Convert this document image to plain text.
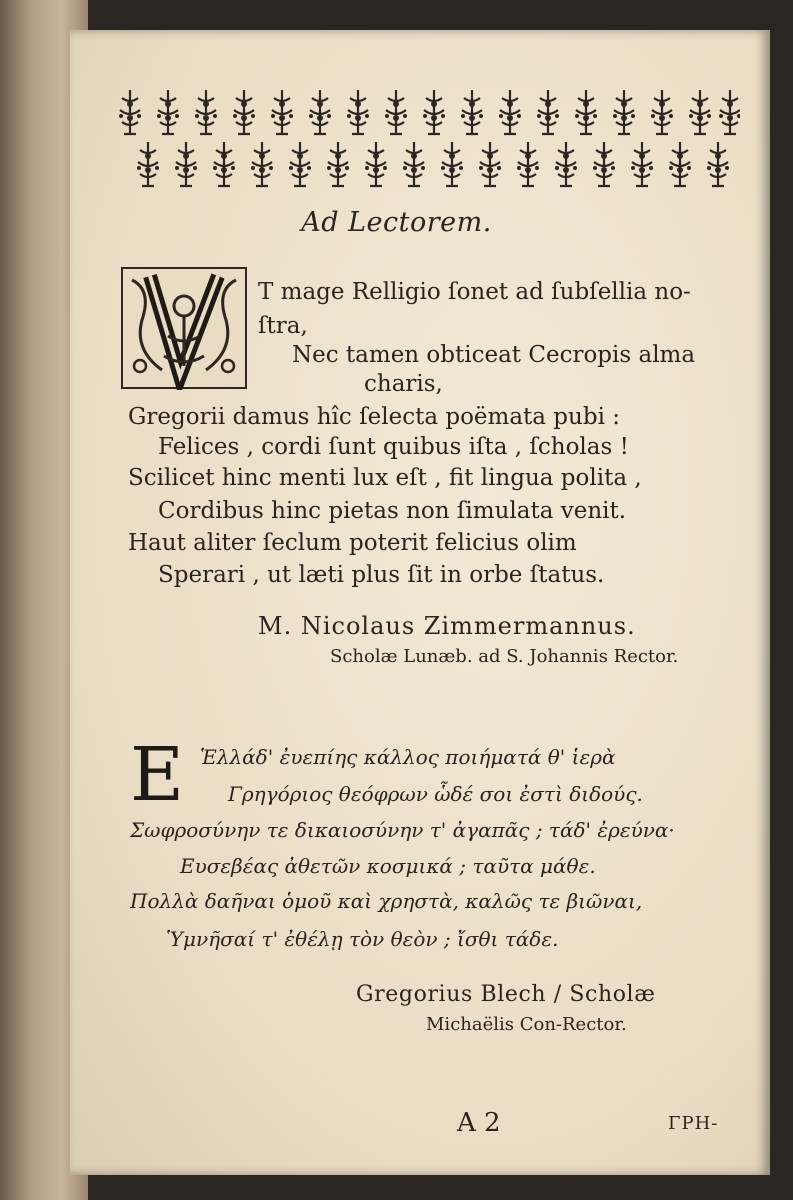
Ad Lectorem.
T mage Relligio ſonet ad ſubſellia no-
ſtra,
Nec tamen obticeat Cecropis alma
charis,
Gregorii damus hîc ſelecta poëmata pubi :
Felices , cordi ſunt quibus iſta , ſcholas !
Scilicet hinc menti lux eſt , fit lingua polita ,
Cordibus hinc pietas non ſimulata venit.
Haut aliter ſeclum poterit felicius olim
Sperari , ut læti plus ſit in orbe ſtatus.
M. Nicolaus Zimmermannus.
Scholæ Lunæb. ad S. Johannis Rector.
E Ἑλλάδ' ἐυεπίης κάλλος ποιήματά θ' ἱερὰ
Γρηγόριος θεόφρων ὧδέ σοι ἐστὶ διδούς.
Σωφροσύνην τε δικαιοσύνην τ' ἀγαπᾶς ; τάδ' ἐρεύνα·
Ευσεβέας ἀθετῶν κοσμικά ; ταῦτα μάθε.
Πολλὰ δαῆναι ὁμοῦ καὶ χρηστὰ, καλῶς τε βιῶναι,
Ὑμνῆσαί τ' ἐθέλῃ τὸν θεὸν ; ἴσθι τάδε.
Gregorius Blech / Scholæ
Michaëlis Con-Rector.
A 2	ΓΡΗ-
